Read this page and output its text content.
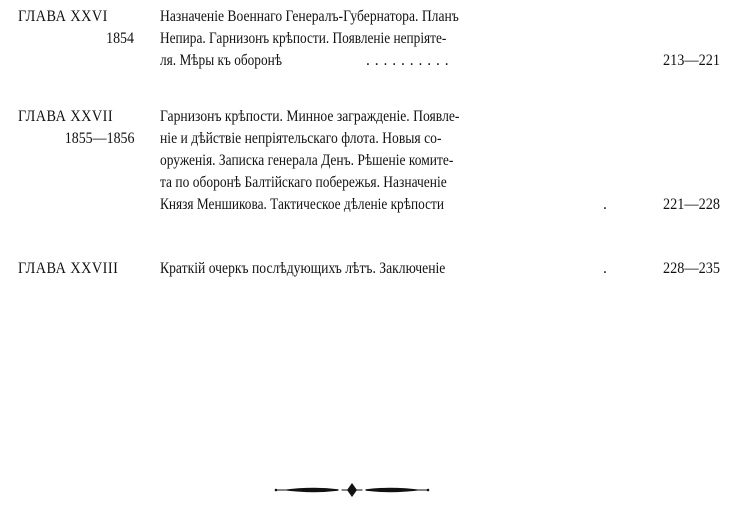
ГЛАВА XXVI
1854
Назначеніе Военнаго Генералъ-Губернатора. Планъ
Непира. Гарнизонъ крѣпости. Появленіе непріяте-
ля. Мѣры къ оборонѣ	. . . . . . . . . .	213—221
ГЛАВА XXVII
1855—1856
Гарнизонъ крѣпости. Минное загражденіе. Появле-
ніе и дѣйствіе непріятельскаго флота. Новыя со-
оруженія. Записка генерала Денъ. Рѣшеніе комите-
та по оборонѣ Балтійскаго побережья. Назначеніе
Князя Меншикова. Тактическое дѣленіе крѣпости	.	221—228
ГЛАВА XXVIII	Краткій очеркъ послѣдующихъ лѣтъ. Заключеніе	.	228—235
